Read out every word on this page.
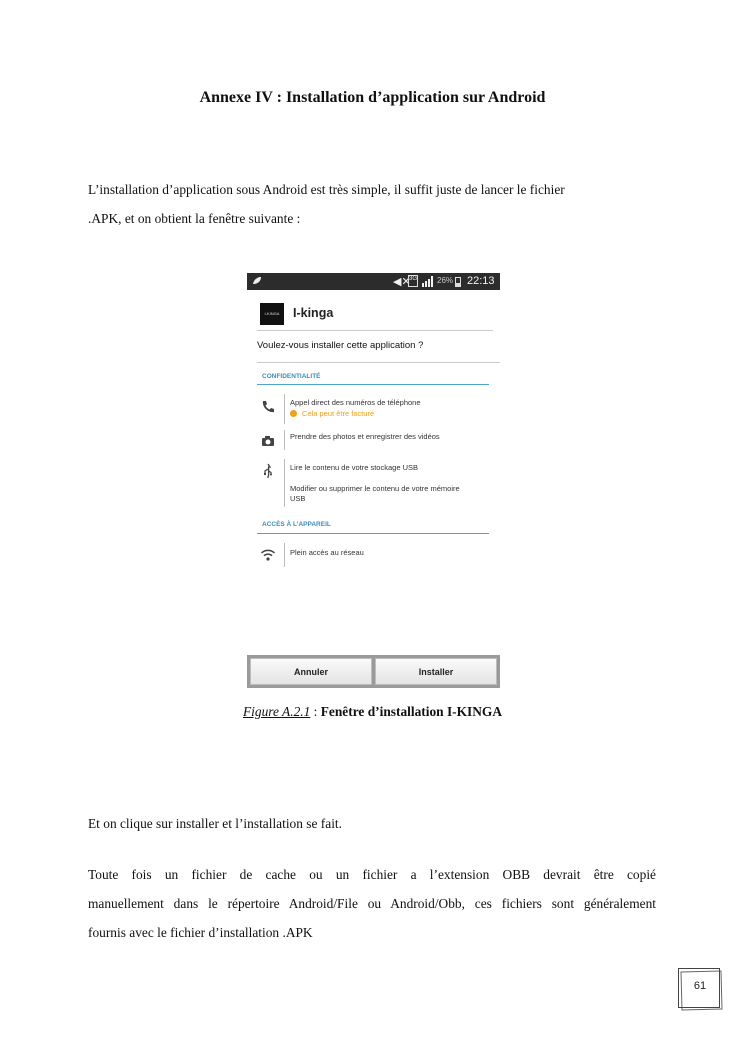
Annexe IV : Installation d’application sur Android
L’installation d’application sous Android est très simple, il suffit juste de lancer le fichier
.APK, et on obtient la fenêtre suivante :
◀✕
3G 26% 22:13
I-KINGA	I-kinga
Voulez-vous installer cette application ?
CONFIDENTIALITÉ
Appel direct des numéros de téléphone
Cela peut être facturé
Prendre des photos et enregistrer des vidéos
Lire le contenu de votre stockage USB
Modifier ou supprimer le contenu de votre mémoire
USB
ACCÈS À L’APPAREIL
Plein accès au réseau
Annuler	Installer
Figure A.2.1 : Fenêtre d’installation I-KINGA
Et on clique sur installer et l’installation se fait.
Toute fois un fichier de cache ou un fichier a l’extension OBB devrait être copié
manuellement dans le répertoire Android/File ou Android/Obb, ces fichiers sont généralement
fournis avec le fichier d’installation .APK
61
